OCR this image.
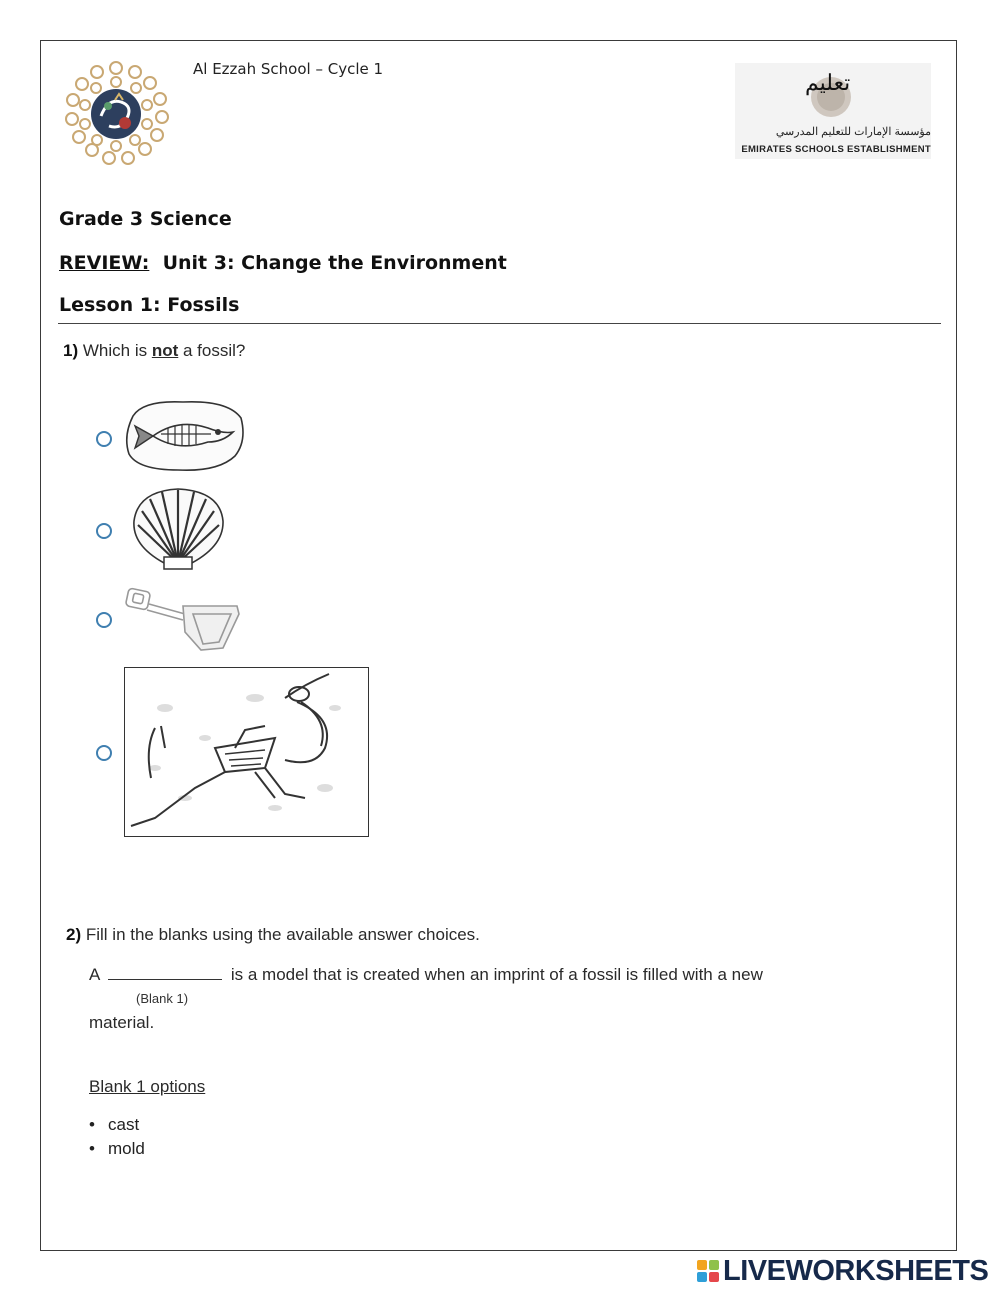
Al Ezzah School – Cycle 1
تعليم
مؤسسة الإمارات للتعليم المدرسي
EMIRATES SCHOOLS ESTABLISHMENT
Grade 3 Science
REVIEW: Unit 3: Change the Environment
Lesson 1: Fossils
1) Which is not a fossil?
2) Fill in the blanks using the available answer choices.
A	is a model that is created when an imprint of a fossil is filled with a new
(Blank 1)
material.
Blank 1 options
• cast
• mold
LIVEWORKSHEETS
